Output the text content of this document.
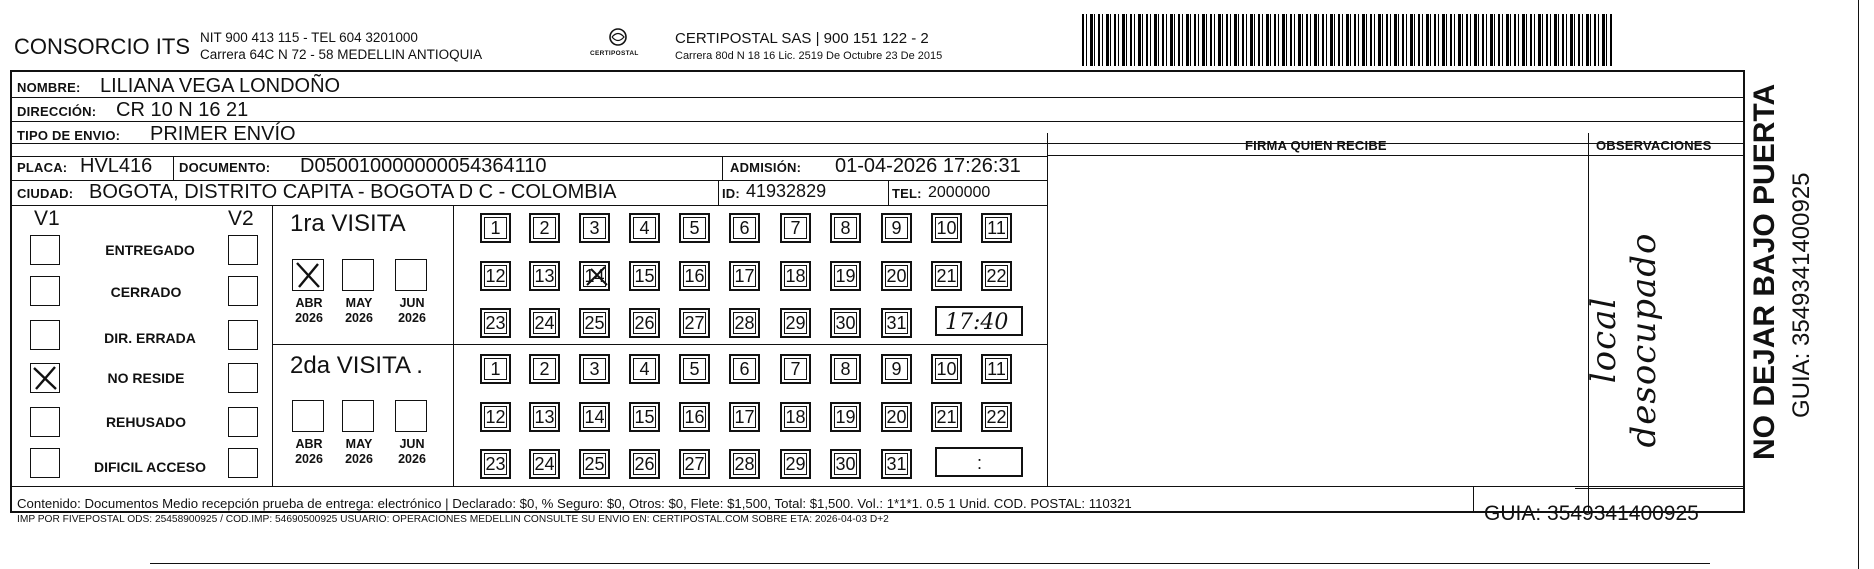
CONSORCIO ITS NIT 900 413 115 - TEL 604 3201000
Carrera 64C N 72 - 58 MEDELLIN ANTIOQUIA	CERTIPOSTAL
CERTIPOSTAL SAS | 900 151 122 - 2
Carrera 80d N 18 16 Lic. 2519 De Octubre 23 De 2015
NOMBRE: LILIANA VEGA LONDOÑO
DIRECCIÓN: CR 10 N 16 21
TIPO DE ENVIO: PRIMER ENVÍO
PLACA: HVL416 DOCUMENTO: D050010000000054364110	ADMISIÓN: 01-04-2026 17:26:31
CIUDAD: BOGOTA, DISTRITO CAPITA - BOGOTA D C - COLOMBIA	ID: 41932829	TEL: 2000000
FIRMA QUIEN RECIBE	OBSERVACIONES
local desocupado
V1	V2
ENTREGADO
CERRADO
DIR. ERRADA
NO RESIDE
REHUSADO
DIFICIL ACCESO
1ra VISITA
ABR
2026
MAY
2026
JUN
2026
1	2	3	4	5	6	7	8	9	10	11
12	13	14	15	16	17	18	19	20	21	22
23	24	25	26	27	28	29	30	31 17:40
2da VISITA .
ABR
2026
MAY
2026
JUN
2026
1	2	3	4	5	6	7	8	9	10	11
12	13	14	15	16	17	18	19	20	21	22
23	24	25	26	27	28	29	30	31	:
Contenido: Documentos Medio recepción prueba de entrega: electrónico | Declarado: $0, % Seguro: $0, Otros: $0, Flete: $1,500, Total: $1,500. Vol.: 1*1*1. 0.5 1 Unid. COD. POSTAL: 110321
IMP POR FIVEPOSTAL ODS: 25458900925 / COD.IMP: 54690500925 USUARIO: OPERACIONES MEDELLIN CONSULTE SU ENVIO EN: CERTIPOSTAL.COM SOBRE ETA: 2026-04-03 D+2	GUIA: 3549341400925
NO DEJAR BAJO PUERTA GUIA: 3549341400925
